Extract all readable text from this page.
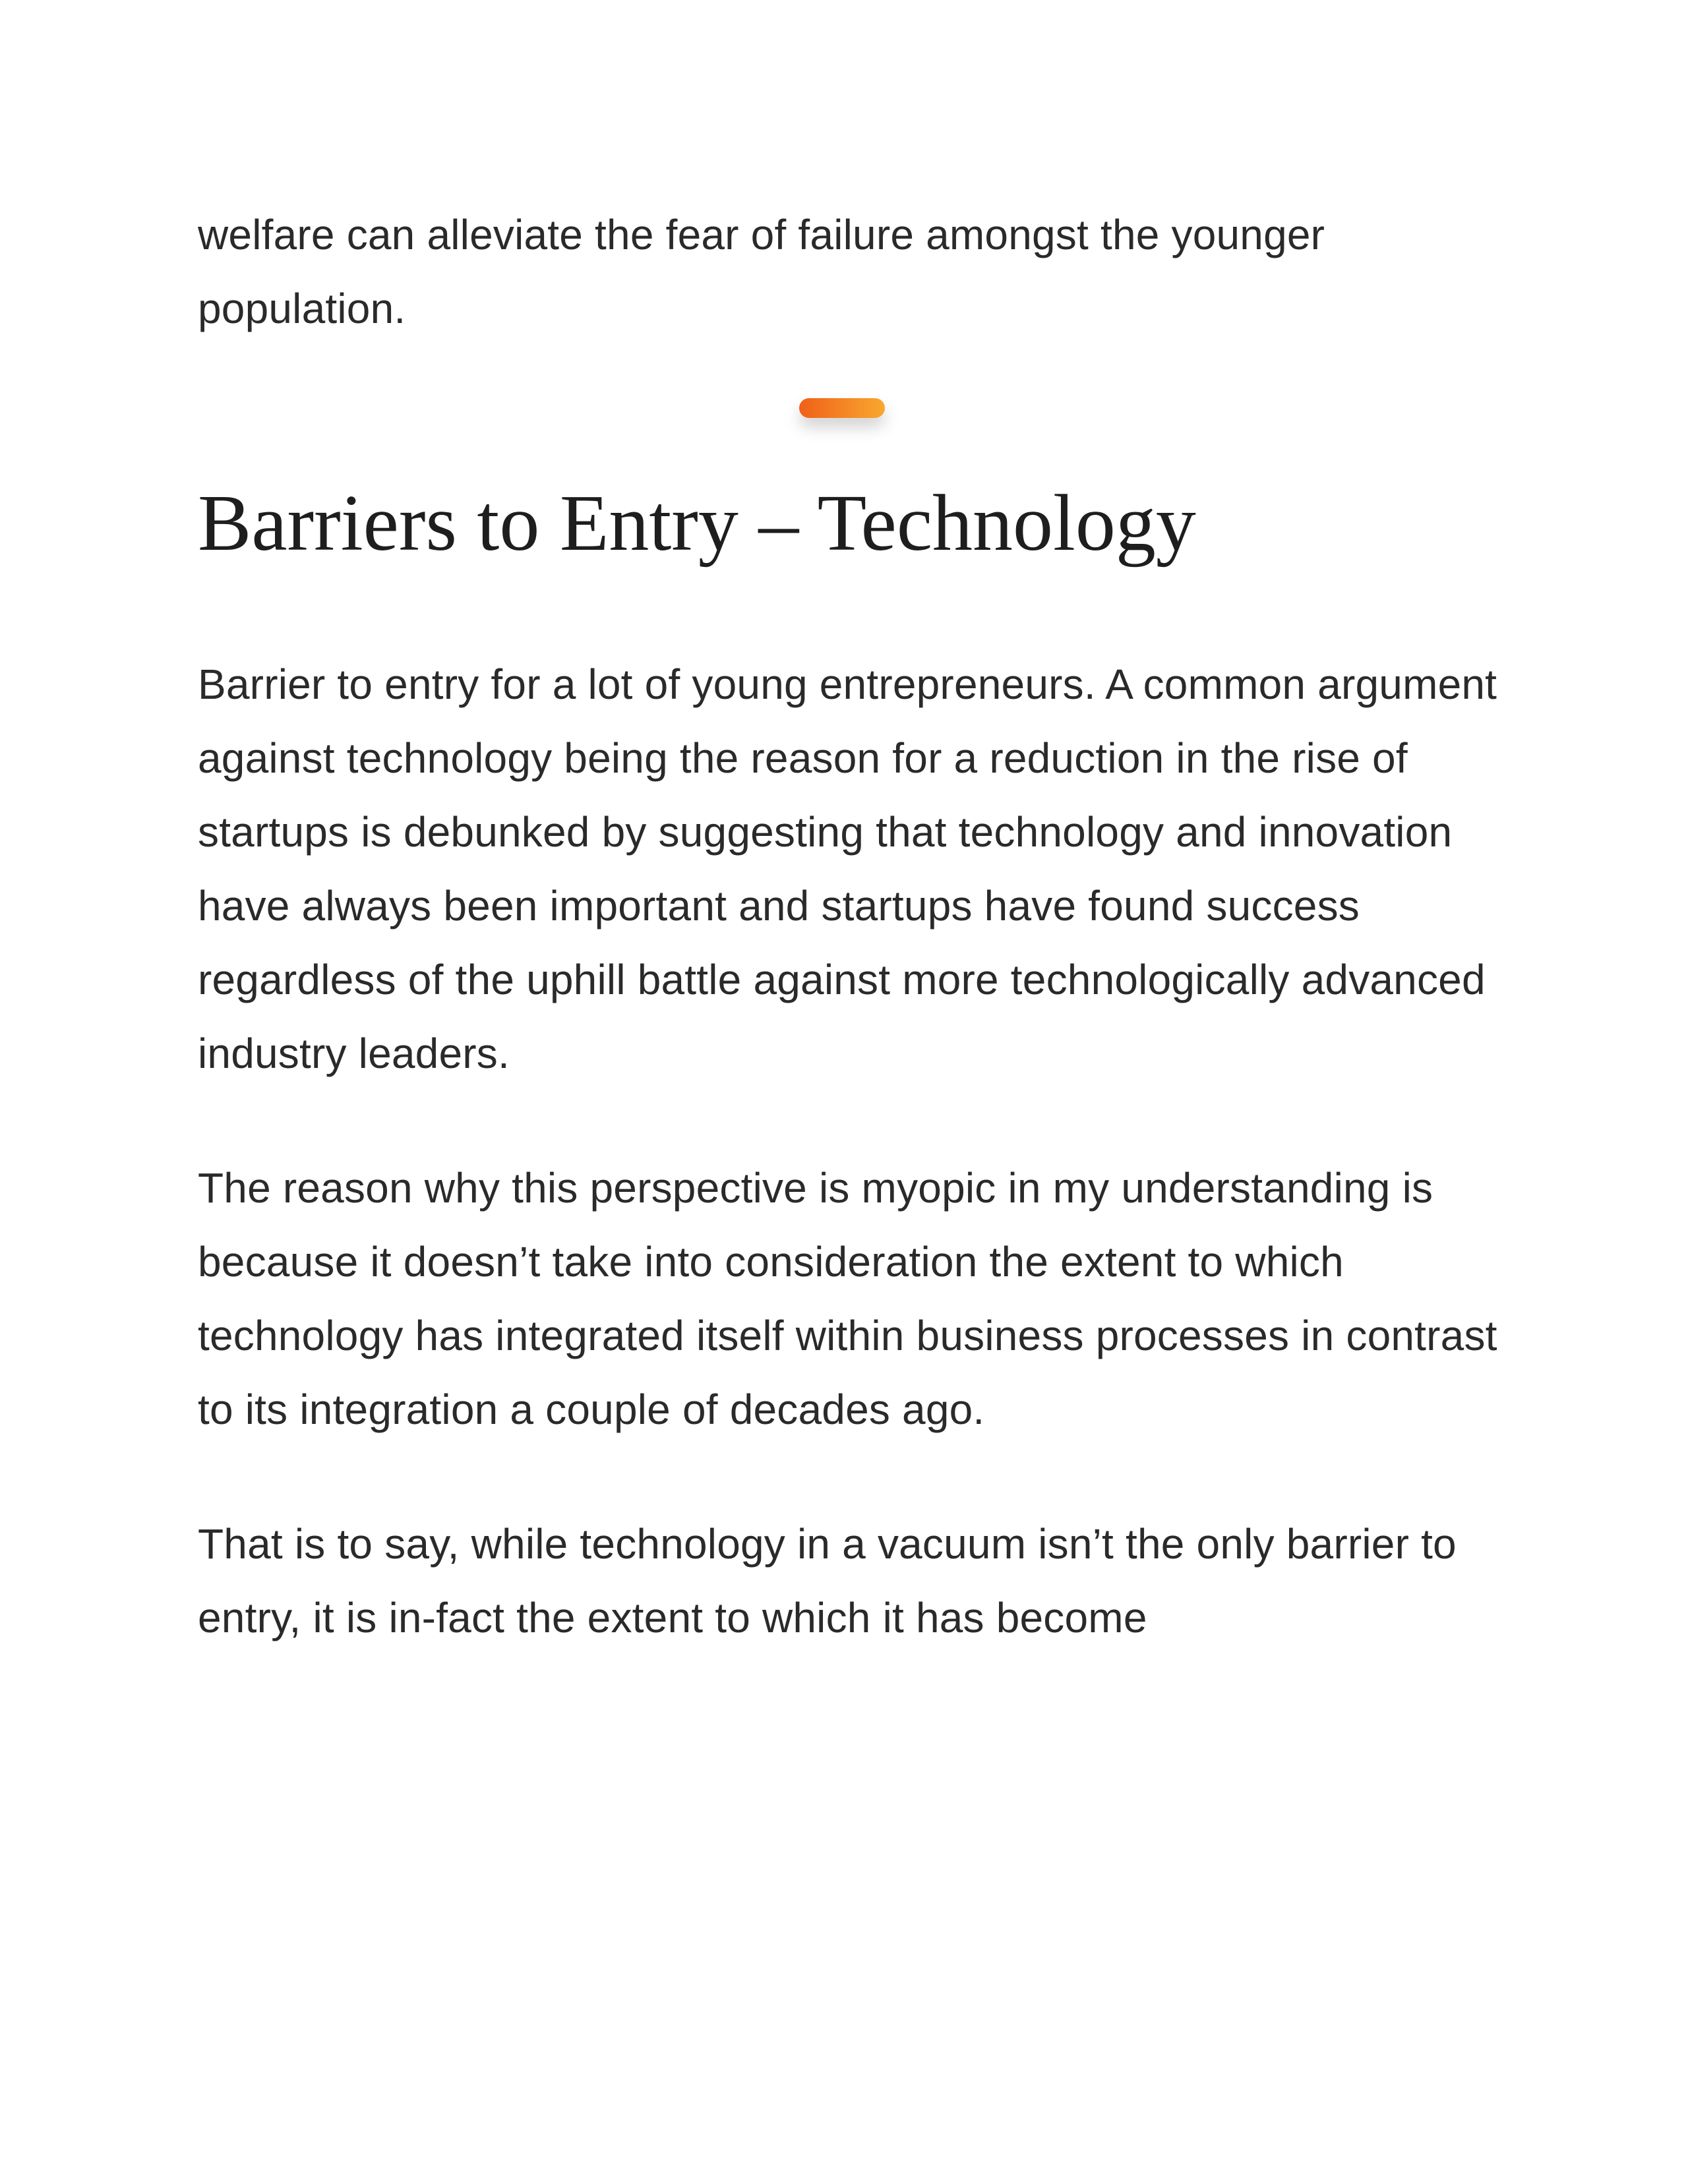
welfare can alleviate the fear of failure amongst the younger population.

Barriers to Entry – Technology

Barrier to entry for a lot of young entrepreneurs. A common argument against technology being the reason for a reduction in the rise of startups is debunked by suggesting that technology and innovation have always been important and startups have found success regardless of the uphill battle against more technologically advanced industry leaders.

The reason why this perspective is myopic in my understanding is because it doesn’t take into consideration the extent to which technology has integrated itself within business processes in contrast to its integration a couple of decades ago.

That is to say, while technology in a vacuum isn’t the only barrier to entry, it is in-fact the extent to which it has become
